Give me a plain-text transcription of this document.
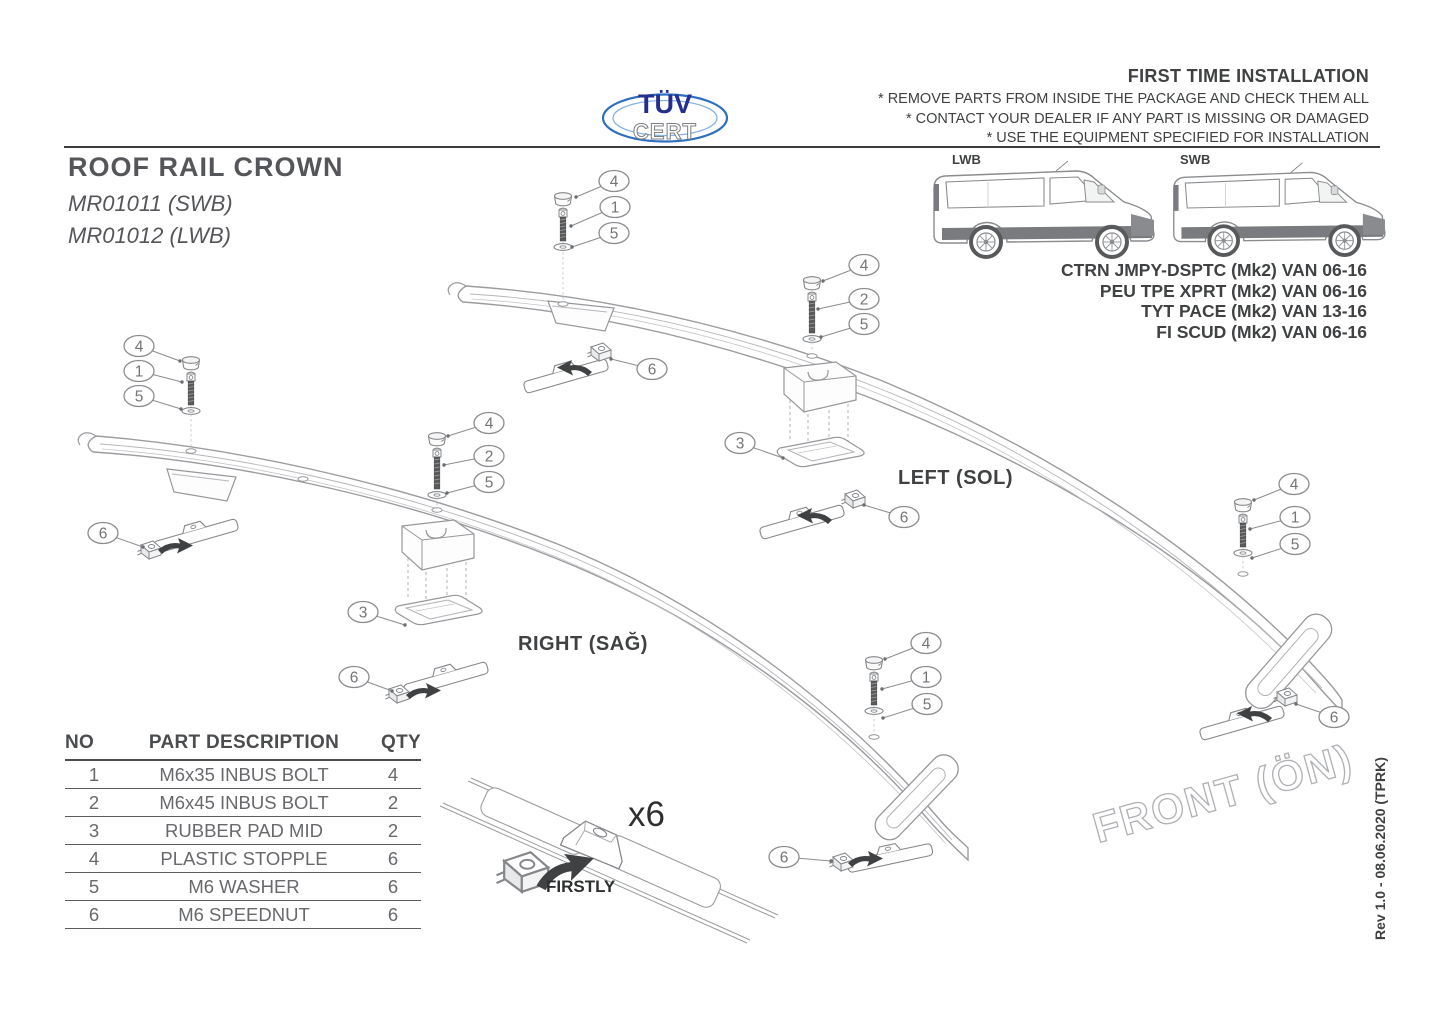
FRONT (ÖN)
4
1
5
4
2
5
4
1
5
4
2
5	4
1
5
4
1
5
3
3
6
6
6
6
6
6
TÜV
CERT
FIRST TIME INSTALLATION
* REMOVE PARTS FROM INSIDE THE PACKAGE AND CHECK THEM ALL
* CONTACT YOUR DEALER IF ANY PART IS MISSING OR DAMAGED
* USE THE EQUIPMENT SPECIFIED FOR INSTALLATION
ROOF RAIL CROWN
MR01011 (SWB)
MR01012 (LWB)
LWB	SWB
CTRN JMPY-DSPTC (Mk2) VAN 06-16
PEU TPE XPRT (Mk2) VAN 06-16
TYT PACE (Mk2) VAN 13-16
FI SCUD (Mk2) VAN 06-16
LEFT (SOL)
RIGHT (SAĞ)
x6
FIRSTLY
NO	PART DESCRIPTION	QTY
1	M6x35 INBUS BOLT	4
2	M6x45 INBUS BOLT	2
3	RUBBER PAD MID	2
4	PLASTIC STOPPLE	6
5	M6 WASHER	6
6	M6 SPEEDNUT	6	Rev 1.0 - 08.06.2020 (TPRK)
